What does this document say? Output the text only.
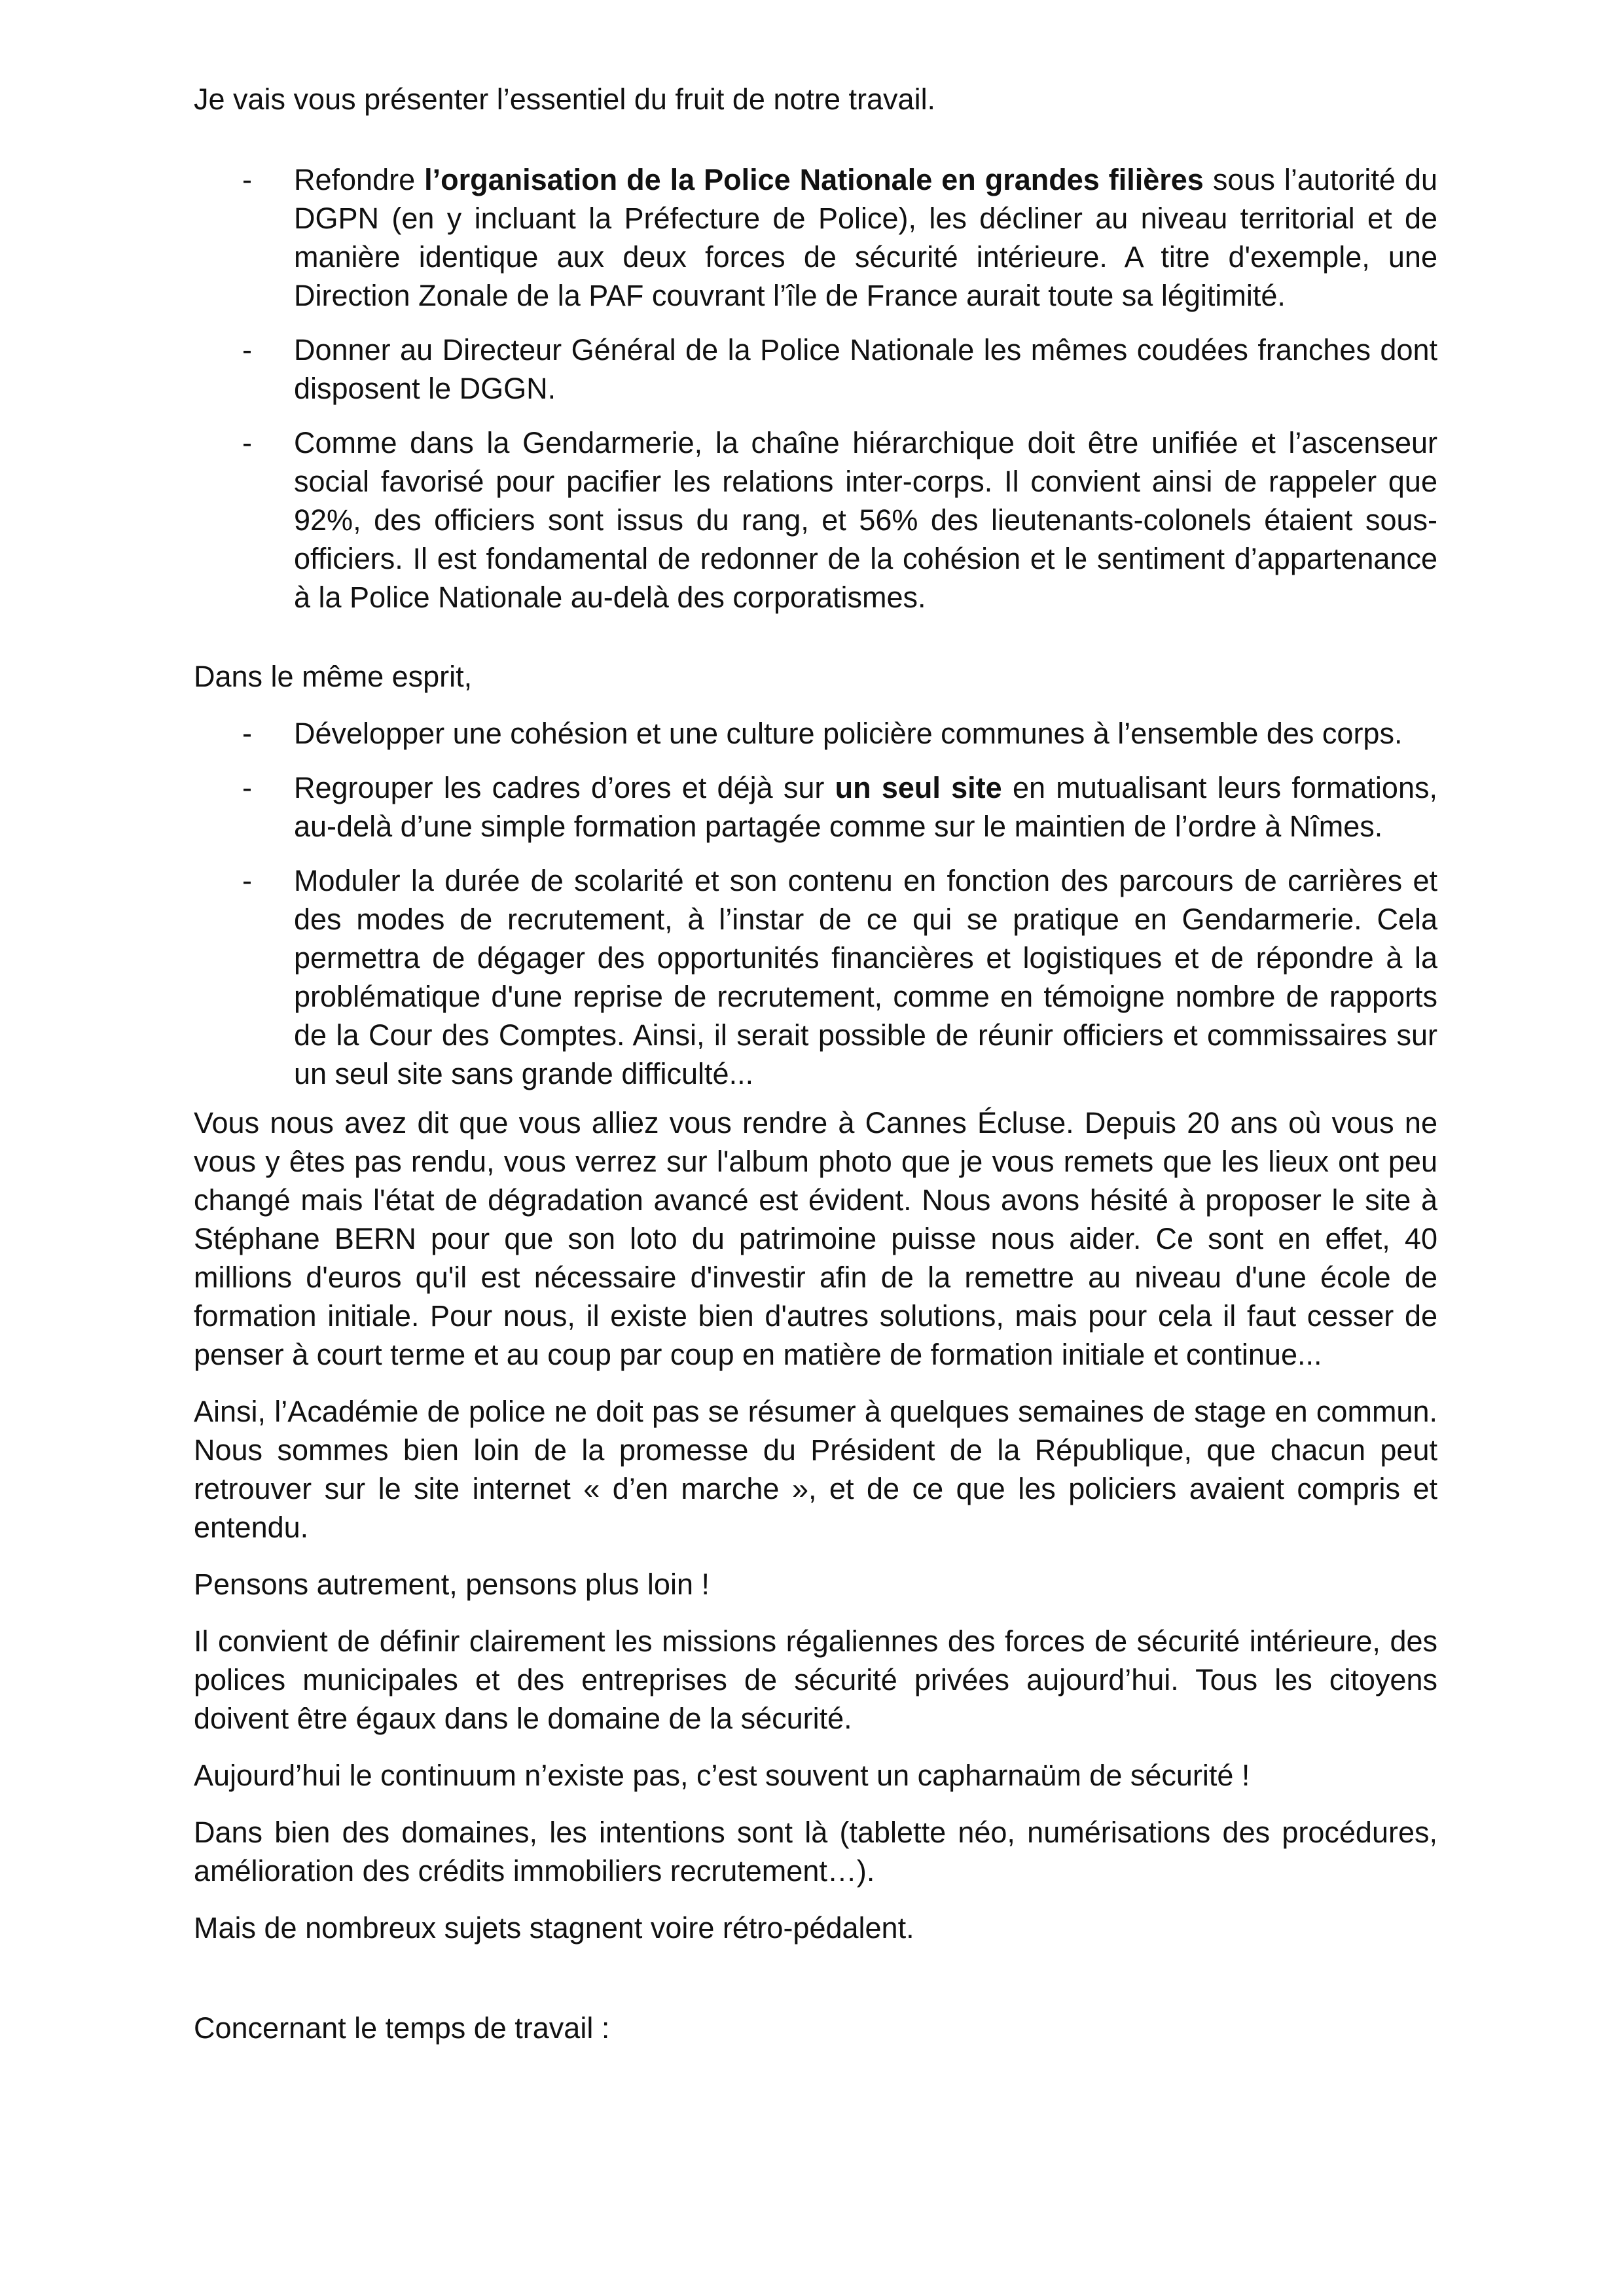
Je vais vous présenter l’essentiel du fruit de notre travail.

- Refondre l’organisation de la Police Nationale en grandes filières sous l’autorité du DGPN (en y incluant la Préfecture de Police), les décliner au niveau territorial et de manière identique aux deux forces de sécurité intérieure. A titre d'exemple, une Direction Zonale de la PAF couvrant l’île de France aurait toute sa légitimité.
- Donner au Directeur Général de la Police Nationale les mêmes coudées franches dont disposent le DGGN.
- Comme dans la Gendarmerie, la chaîne hiérarchique doit être unifiée et l’ascenseur social favorisé pour pacifier les relations inter-corps. Il convient ainsi de rappeler que 92%, des officiers sont issus du rang, et 56% des lieutenants-colonels étaient sous-officiers. Il est fondamental de redonner de la cohésion et le sentiment d’appartenance à la Police Nationale au-delà des corporatismes.

Dans le même esprit,

- Développer une cohésion et une culture policière communes à l’ensemble des corps.
- Regrouper les cadres d’ores et déjà sur un seul site en mutualisant leurs formations, au-delà d’une simple formation partagée comme sur le maintien de l’ordre à Nîmes.
- Moduler la durée de scolarité et son contenu en fonction des parcours de carrières et des modes de recrutement, à l’instar de ce qui se pratique en Gendarmerie. Cela permettra de dégager des opportunités financières et logistiques et de répondre à la problématique d'une reprise de recrutement, comme en témoigne nombre de rapports de la Cour des Comptes. Ainsi, il serait possible de réunir officiers et commissaires sur un seul site sans grande difficulté...

Vous nous avez dit que vous alliez vous rendre à Cannes Écluse. Depuis 20 ans où vous ne vous y êtes pas rendu, vous verrez sur l'album photo que je vous remets que les lieux ont peu changé mais l'état de dégradation avancé est évident. Nous avons hésité à proposer le site à Stéphane BERN pour que son loto du patrimoine puisse nous aider. Ce sont en effet, 40 millions d'euros qu'il est nécessaire d'investir afin de la remettre au niveau d'une école de formation initiale. Pour nous, il existe bien d'autres solutions, mais pour cela il faut cesser de penser à court terme et au coup par coup en matière de formation initiale et continue...

Ainsi, l’Académie de police ne doit pas se résumer à quelques semaines de stage en commun. Nous sommes bien loin de la promesse du Président de la République, que chacun peut retrouver sur le site internet « d’en marche », et de ce que les policiers avaient compris et entendu.

Pensons autrement, pensons plus loin !

Il convient de définir clairement les missions régaliennes des forces de sécurité intérieure, des polices municipales et des entreprises de sécurité privées aujourd’hui. Tous les citoyens doivent être égaux dans le domaine de la sécurité.

Aujourd’hui le continuum n’existe pas, c’est souvent un capharnaüm de sécurité !

Dans bien des domaines, les intentions sont là (tablette néo, numérisations des procédures, amélioration des crédits immobiliers recrutement…).

Mais de nombreux sujets stagnent voire rétro-pédalent.

Concernant le temps de travail :
